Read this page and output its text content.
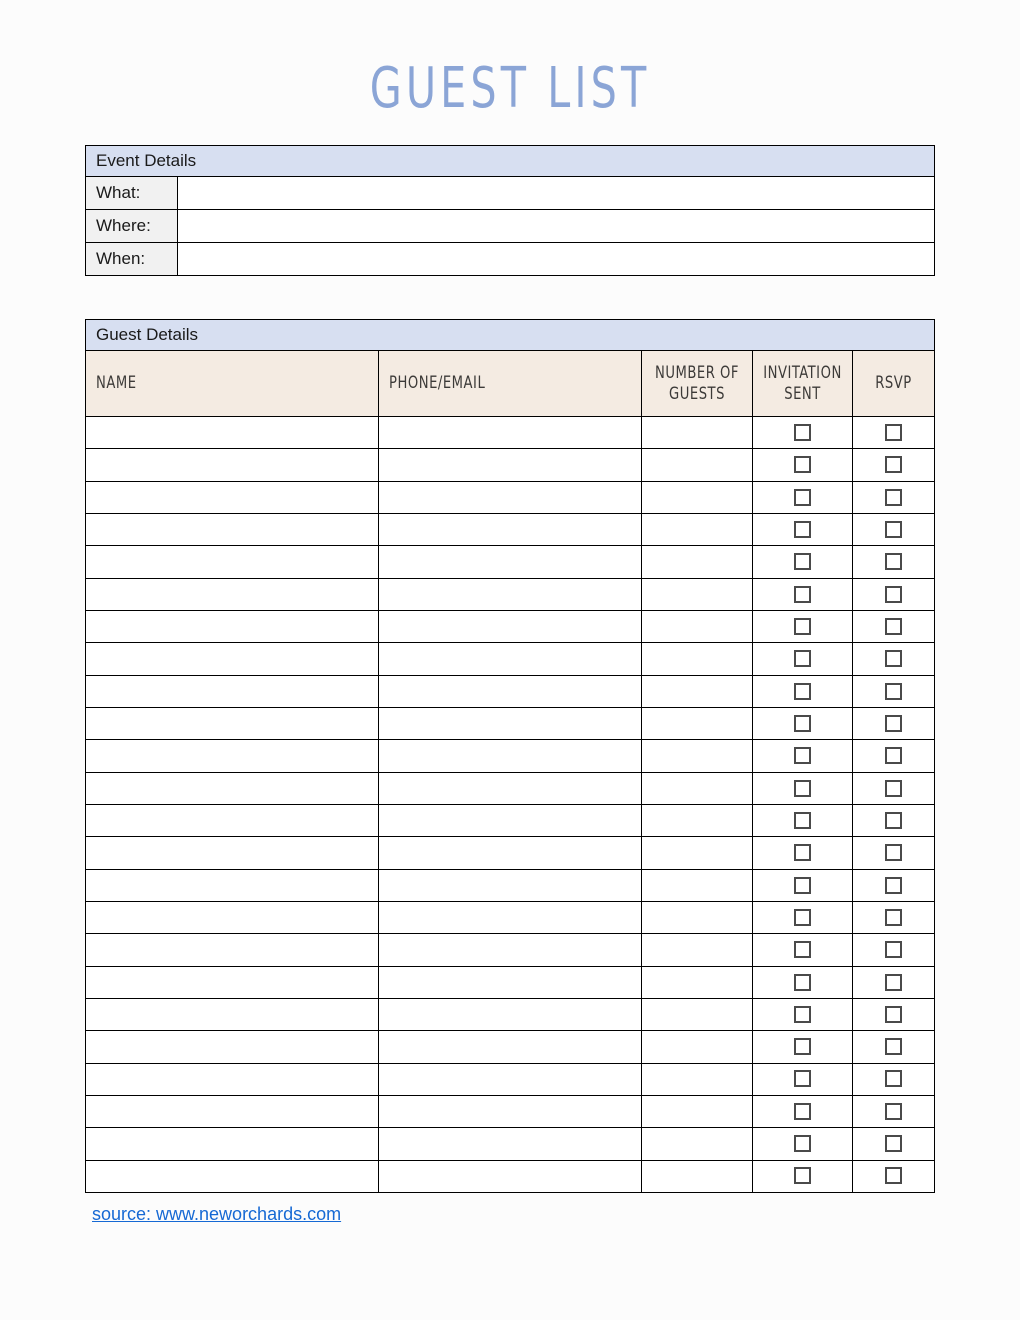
GUEST LIST
Event Details	
What:	
Where:	
When:	
Guest Details				

NAME	PHONE/EMAIL	NUMBER OF GUESTS	INVITATION SENT	RSVP

source: www.neworchards.com
